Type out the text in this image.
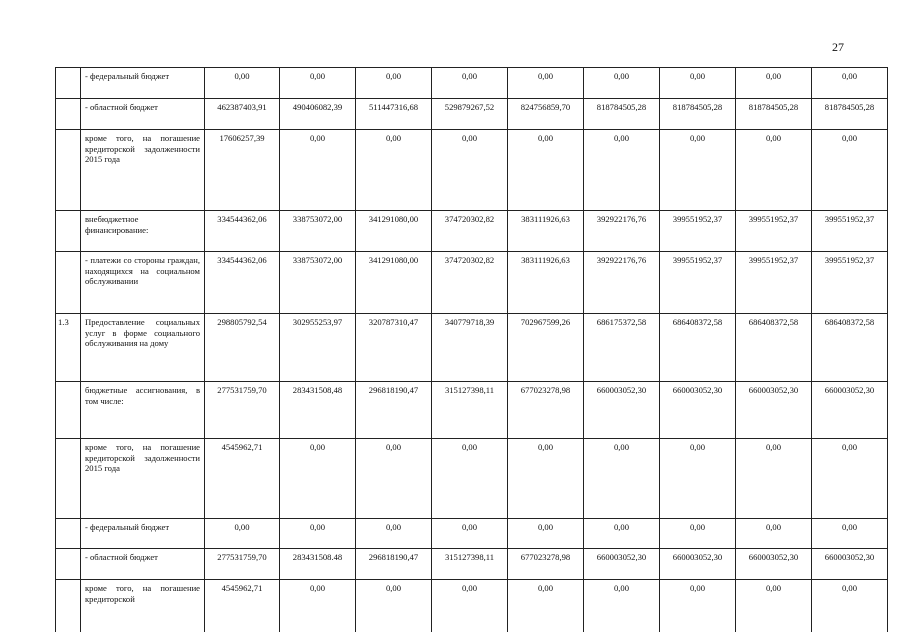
27
	- федеральный бюджет	0,00	0,00	0,00	0,00	0,00	0,00	0,00	0,00	0,00
	- областной бюджет	462387403,91	490406082,39	511447316,68	529879267,52	824756859,70	818784505,28	818784505,28	818784505,28	818784505,28
	кроме того, на погашение кредиторской задолженности 2015 года	17606257,39	0,00	0,00	0,00	0,00	0,00	0,00	0,00	0,00
	внебюджетное финансирование:	334544362,06	338753072,00	341291080,00	374720302,82	383111926,63	392922176,76	399551952,37	399551952,37	399551952,37
	- платежи со стороны граждан, находящихся на социальном обслуживании	334544362,06	338753072,00	341291080,00	374720302,82	383111926,63	392922176,76	399551952,37	399551952,37	399551952,37
1.3	Предоставление социальных услуг в форме социального обслуживания на дому	298805792,54	302955253,97	320787310,47	340779718,39	702967599,26	686175372,58	686408372,58	686408372,58	686408372,58
	бюджетные ассигнования, в том числе:	277531759,70	283431508,48	296818190,47	315127398,11	677023278,98	660003052,30	660003052,30	660003052,30	660003052,30
	кроме того, на погашение кредиторской задолженности 2015 года	4545962,71	0,00	0,00	0,00	0,00	0,00	0,00	0,00	0,00
	- федеральный бюджет	0,00	0,00	0,00	0,00	0,00	0,00	0,00	0,00	0,00
	- областной бюджет	277531759,70	283431508.48	296818190,47	315127398,11	677023278,98	660003052,30	660003052,30	660003052,30	660003052,30
	кроме того, на погашение кредиторской	4545962,71	0,00	0,00	0,00	0,00	0,00	0,00	0,00	0,00
